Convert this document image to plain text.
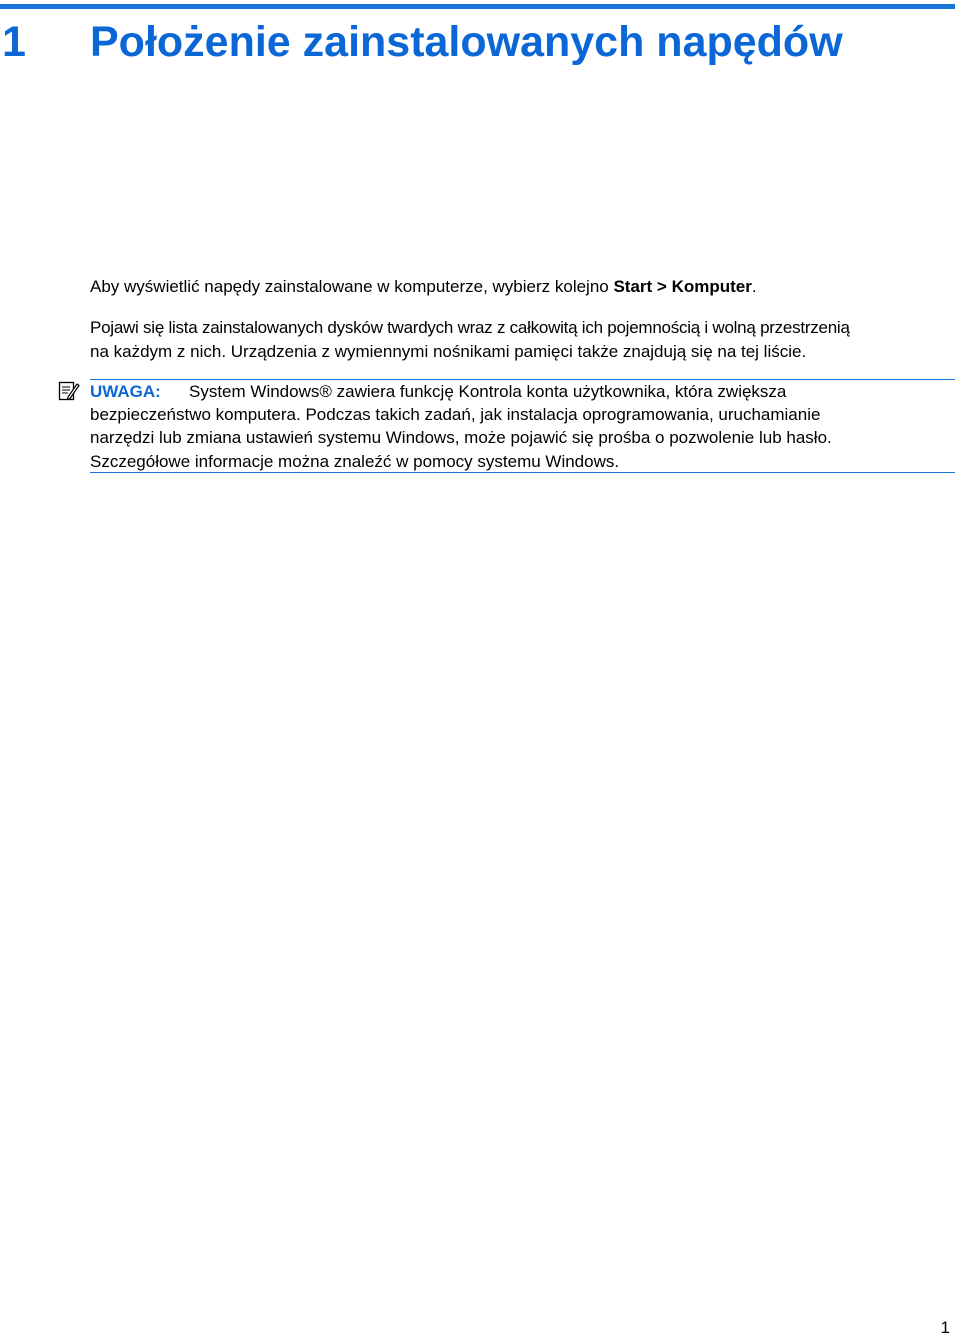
1 Położenie zainstalowanych napędów
Aby wyświetlić napędy zainstalowane w komputerze, wybierz kolejno Start > Komputer.
Pojawi się lista zainstalowanych dysków twardych wraz z całkowitą ich pojemnością i wolną przestrzenią
na każdym z nich. Urządzenia z wymiennymi nośnikami pamięci także znajdują się na tej liście.
UWAGA: System Windows® zawiera funkcję Kontrola konta użytkownika, która zwiększa
bezpieczeństwo komputera. Podczas takich zadań, jak instalacja oprogramowania, uruchamianie
narzędzi lub zmiana ustawień systemu Windows, może pojawić się prośba o pozwolenie lub hasło.
Szczegółowe informacje można znaleźć w pomocy systemu Windows.
1
